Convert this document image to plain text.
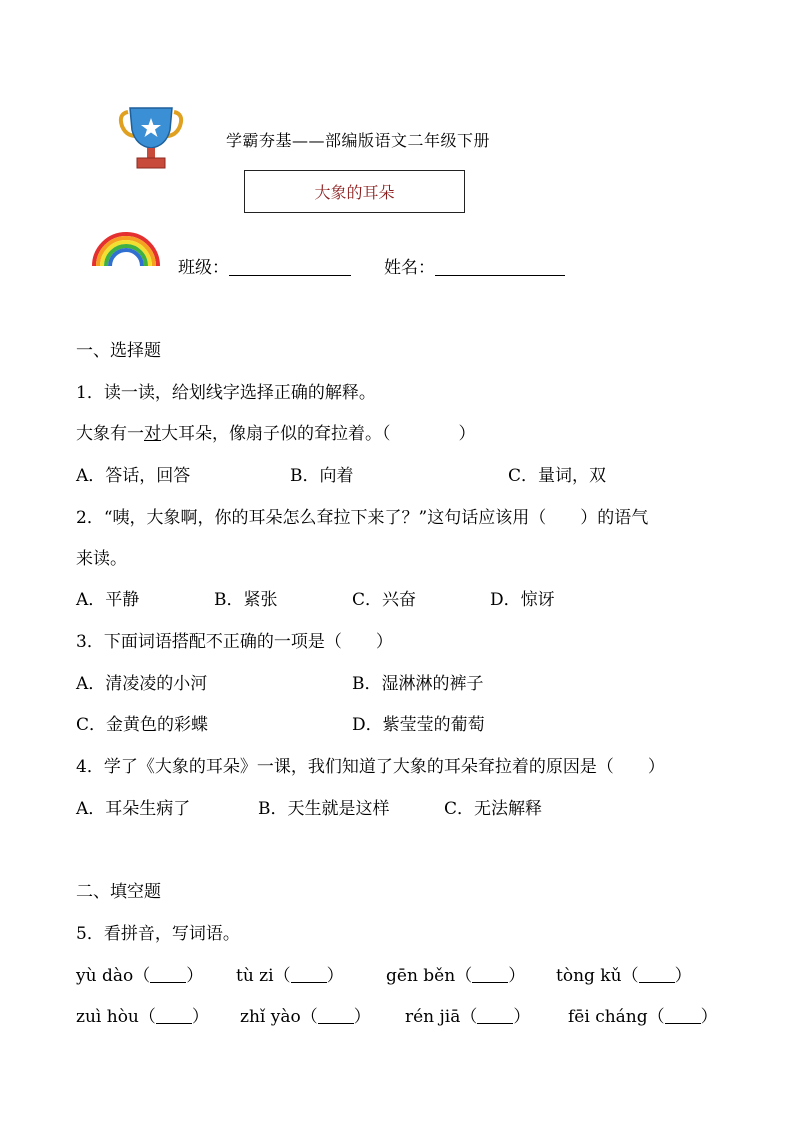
学霸夯基——部编版语文二年级下册
大象的耳朵
班级：	姓名：
一、选择题
1．读一读，给划线字选择正确的解释。
大象有一对大耳朵，像扇子似的耷拉着。（　　　　）
A．答话，回答	B．向着	C．量词，双
2．“咦，大象啊，你的耳朵怎么耷拉下来了？”这句话应该用（　　）的语气
来读。
A．平静	B．紧张	C．兴奋	D．惊讶
3．下面词语搭配不正确的一项是（　　）
A．清凌凌的小河	B．湿淋淋的裤子
C．金黄色的彩蝶	D．紫莹莹的葡萄
4．学了《大象的耳朵》一课，我们知道了大象的耳朵耷拉着的原因是（　　）
A．耳朵生病了	B．天生就是这样	C．无法解释
二、填空题
5．看拼音，写词语。
yù dào（ ） tù zi（ ） gēn běn（ ） tòng kǔ（ ）
zuì hòu（ ） zhǐ yào（ ） rén jiā（ ） fēi cháng（ ）
